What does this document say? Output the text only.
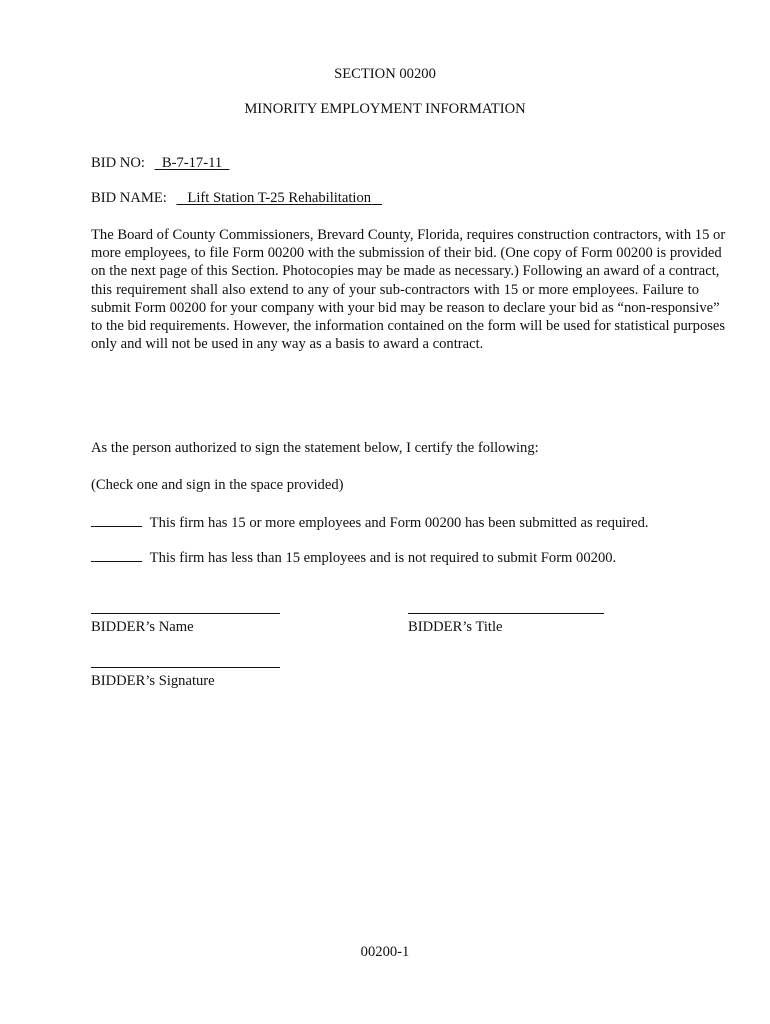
SECTION 00200
MINORITY EMPLOYMENT INFORMATION
BID NO: B-7-17-11
BID NAME: Lift Station T-25 Rehabilitation
The Board of County Commissioners, Brevard County, Florida, requires construction contractors, with 15 or
more employees, to file Form 00200 with the submission of their bid. (One copy of Form 00200 is provided
on the next page of this Section. Photocopies may be made as necessary.) Following an award of a contract,
this requirement shall also extend to any of your sub-contractors with 15 or more employees. Failure to
submit Form 00200 for your company with your bid may be reason to declare your bid as “non-responsive”
to the bid requirements. However, the information contained on the form will be used for statistical purposes
only and will not be used in any way as a basis to award a contract.
As the person authorized to sign the statement below, I certify the following:
(Check one and sign in the space provided)
This firm has 15 or more employees and Form 00200 has been submitted as required.
This firm has less than 15 employees and is not required to submit Form 00200.
BIDDER’s Name	BIDDER’s Title
BIDDER’s Signature
00200-1
